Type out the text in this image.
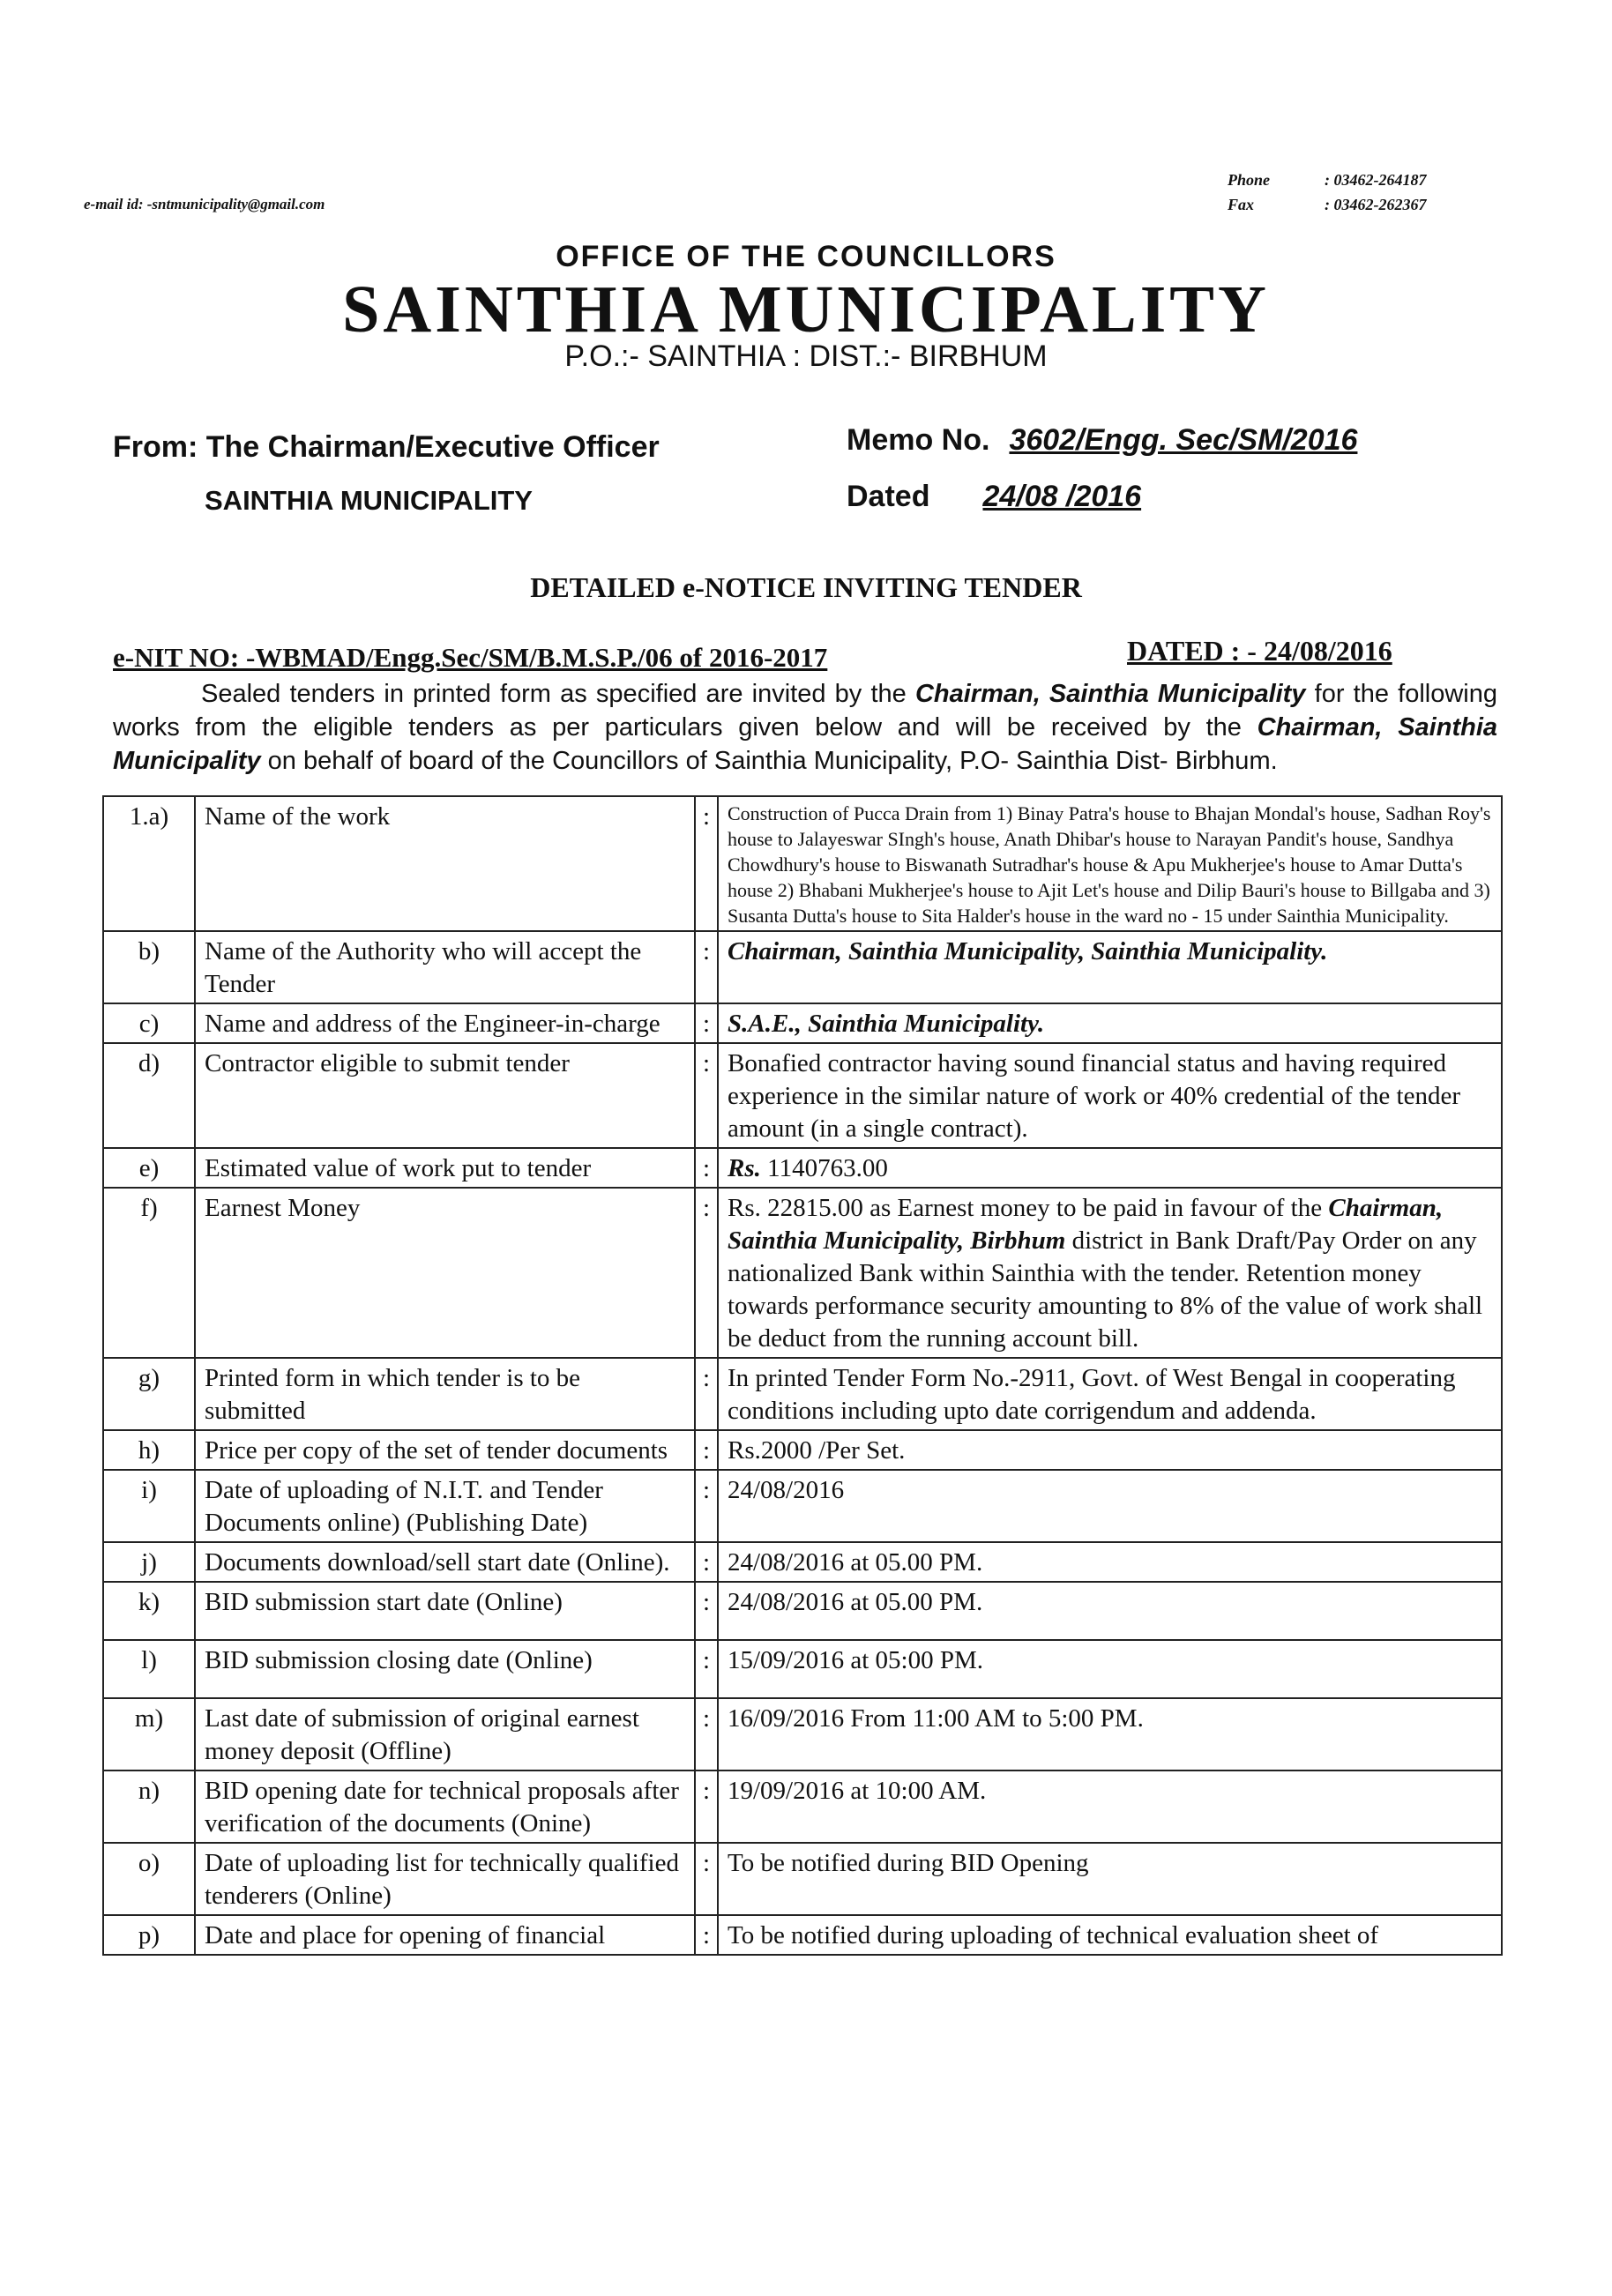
e-mail id: -sntmunicipality@gmail.com
Phone	: 03462-264187
Fax	: 03462-262367
OFFICE OF THE COUNCILLORS
SAINTHIA MUNICIPALITY
P.O.:- SAINTHIA : DIST.:- BIRBHUM
From: The Chairman/Executive Officer
SAINTHIA MUNICIPALITY
Memo No. 3602/Engg. Sec/SM/2016
Dated 24/08 /2016
DETAILED e-NOTICE INVITING TENDER
e-NIT NO: -WBMAD/Engg.Sec/SM/B.M.S.P./06 of 2016-2017	DATED : - 24/08/2016
Sealed tenders in printed form as specified are invited by the Chairman, Sainthia Municipality for the following works from the eligible tenders as per particulars given below and will be received by the Chairman, Sainthia Municipality on behalf of board of the Councillors of Sainthia Municipality, P.O- Sainthia Dist- Birbhum.
1.a)	Name of the work	:	Construction of Pucca Drain from 1) Binay Patra's house to Bhajan Mondal's house, Sadhan Roy's house to Jalayeswar SIngh's house, Anath Dhibar's house to Narayan Pandit's house, Sandhya Chowdhury's house to Biswanath Sutradhar's house & Apu Mukherjee's house to Amar Dutta's house 2) Bhabani Mukherjee's house to Ajit Let's house and Dilip Bauri's house to Billgaba and 3) Susanta Dutta's house to Sita Halder's house in the ward no - 15 under Sainthia Municipality.
b)	Name of the Authority who will accept the Tender	:	Chairman, Sainthia Municipality, Sainthia Municipality.
c)	Name and address of the Engineer-in-charge	:	S.A.E., Sainthia Municipality.
d)	Contractor eligible to submit tender	:	Bonafied contractor having sound financial status and having required experience in the similar nature of work or 40% credential of the tender amount (in a single contract).
e)	Estimated value of work put to tender	:	Rs. 1140763.00
f)	Earnest Money	:	Rs. 22815.00 as Earnest money to be paid in favour of the Chairman, Sainthia Municipality, Birbhum district in Bank Draft/Pay Order on any nationalized Bank within Sainthia with the tender. Retention money towards performance security amounting to 8% of the value of work shall be deduct from the running account bill.
g)	Printed form in which tender is to be submitted	:	In printed Tender Form No.-2911, Govt. of West Bengal in cooperating conditions including upto date corrigendum and addenda.
h)	Price per copy of the set of tender documents	:	Rs.2000 /Per Set.
i)	Date of uploading of N.I.T. and Tender Documents online) (Publishing Date)	:	24/08/2016
j)	Documents download/sell start date (Online).	:	24/08/2016 at 05.00 PM.
k)	BID submission start date (Online)	:	24/08/2016 at 05.00 PM.
l)	BID submission closing date (Online)	:	15/09/2016 at 05:00 PM.
m)	Last date of submission of original earnest money deposit (Offline)	:	16/09/2016 From 11:00 AM to 5:00 PM.
n)	BID opening date for technical proposals after verification of the documents (Onine)	:	19/09/2016 at 10:00 AM.
o)	Date of uploading list for technically qualified tenderers (Online)	:	To be notified during BID Opening
p)	Date and place for opening of financial	:	To be notified during uploading of technical evaluation sheet of
